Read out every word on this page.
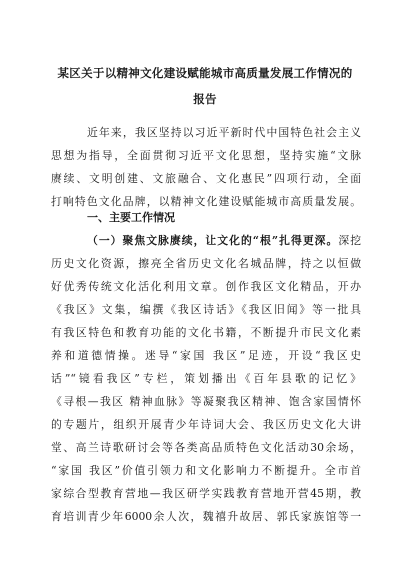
某区关于以精神文化建设赋能城市高质量发展工作情况的
报告
近年来，我区坚持以习近平新时代中国特色社会主义
思想为指导，全面贯彻习近平文化思想，坚持实施“文脉
赓续、文明创建、文旅融合、文化惠民”四项行动，全面
打响特色文化品牌，以精神文化建设赋能城市高质量发展。
一、主要工作情况
（一）聚焦文脉赓续，让文化的“根”扎得更深。深挖
历史文化资源，擦亮全省历史文化名城品牌，持之以恒做
好优秀传统文化活化利用文章。创作我区文化精品，开办
《我区》文集，编撰《我区诗话》《我区旧闻》等一批具
有我区特色和教育功能的文化书籍，不断提升市民文化素
养和道德情操。迷导“家国 我区”足迹，开设“我区史
话”“镜看我区”专栏，策划播出《百年县歌的记忆》
《寻根—我区 精神血脉》等凝聚我区精神、饱含家国情怀
的专题片，组织开展青少年诗词大会、我区历史文化大讲
堂、高兰诗歌研讨会等各类高品质特色文化活动30余场，
“家国 我区”价值引领力和文化影响力不断提升。全市首
家综合型教育营地—我区研学实践教育营地开营45期，教
育培训青少年6000余人次，魏禧升故居、郭氏家族馆等一
